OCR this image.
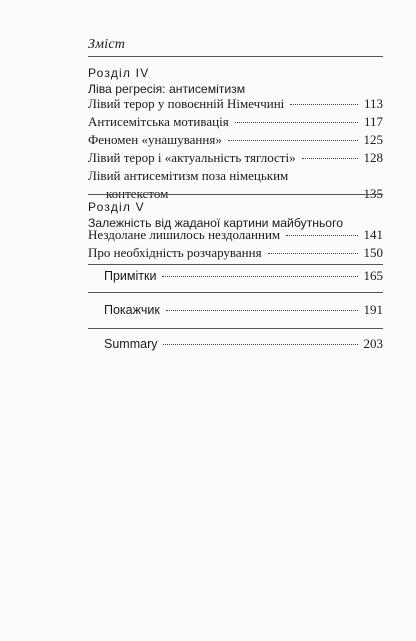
Зміст
Розділ IV
Ліва регресія: антисемітизм
Лівий терор у повоєнній Німеччині	113
Антисемітська мотивація	117
Феномен «унашування»	125
Лівий терор і «актуальність тяглості»	128
Лівий антисемітизм поза німецьким
контекстом	135
Розділ V
Залежність від жаданої картини майбутнього
Нездолане лишилось нездоланним	141
Про необхідність розчарування	150
Примітки	165
Покажчик	191
Summary	203
